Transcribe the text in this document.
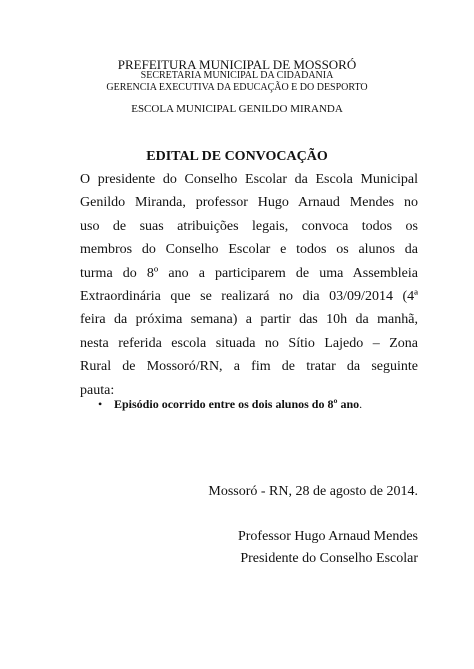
PREFEITURA MUNICIPAL DE MOSSORÓ
SECRETARIA MUNICIPAL DA CIDADANIA
GERENCIA EXECUTIVA DA EDUCAÇÃO E DO DESPORTO
ESCOLA MUNICIPAL GENILDO MIRANDA
EDITAL DE CONVOCAÇÃO
O presidente do Conselho Escolar da Escola Municipal
Genildo Miranda, professor Hugo Arnaud Mendes no
uso de suas atribuições legais, convoca todos os
membros do Conselho Escolar e todos os alunos da
turma do 8º ano a participarem de uma Assembleia
Extraordinária que se realizará no dia 03/09/2014 (4ª
feira da próxima semana) a partir das 10h da manhã,
nesta referida escola situada no Sítio Lajedo – Zona
Rural de Mossoró/RN, a fim de tratar da seguinte
pauta:
• Episódio ocorrido entre os dois alunos do 8º ano.
Mossoró - RN, 28 de agosto de 2014.
Professor Hugo Arnaud Mendes
Presidente do Conselho Escolar
